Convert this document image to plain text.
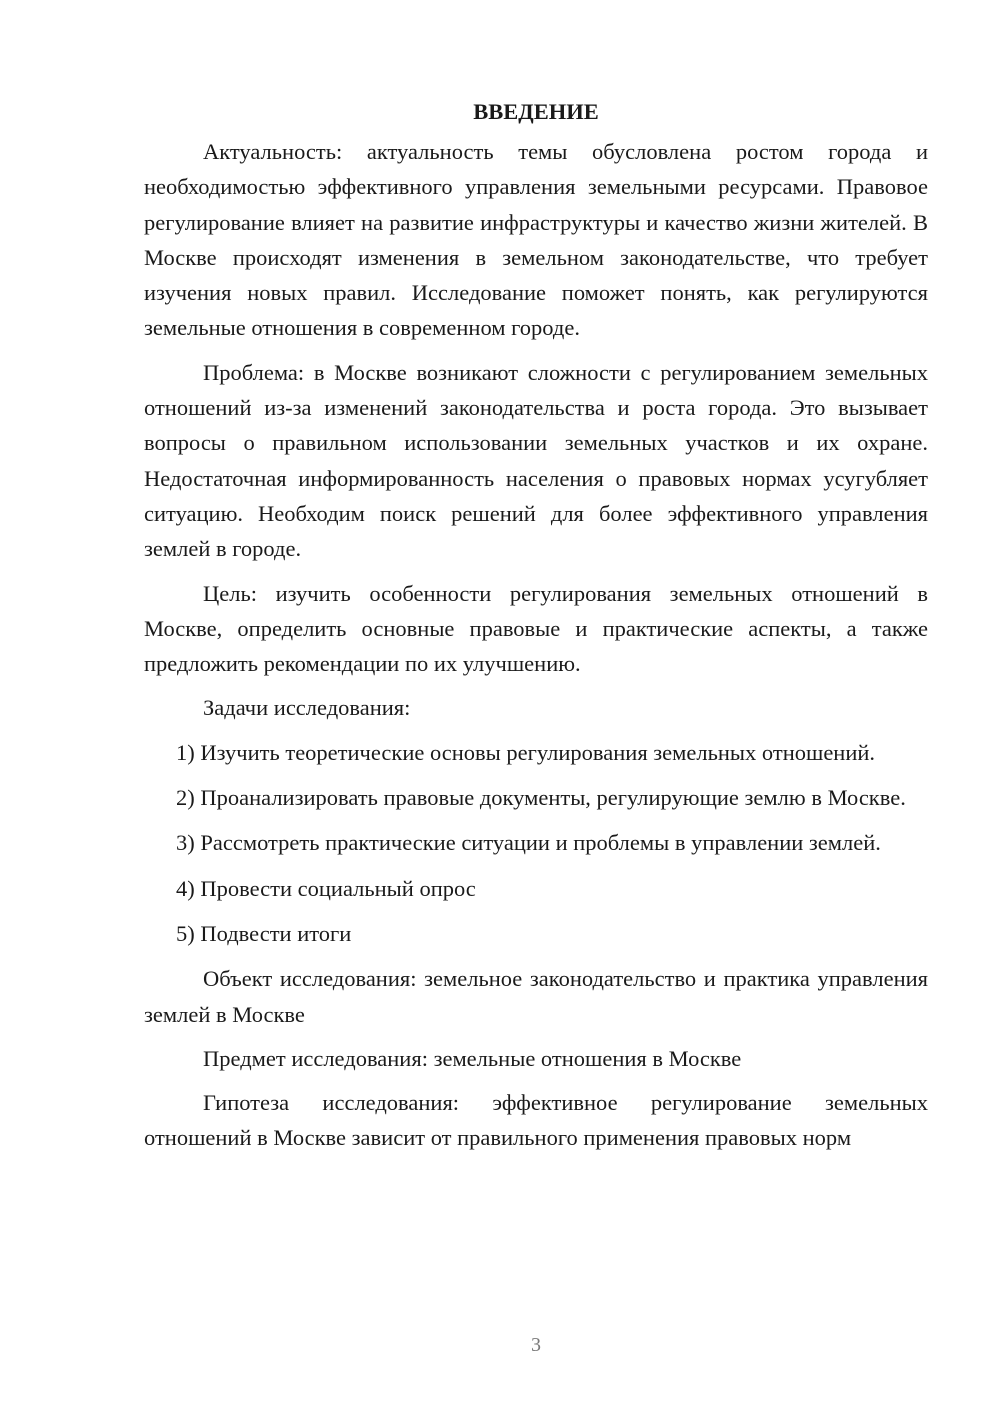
ВВЕДЕНИЕ

Актуальность: актуальность темы обусловлена ростом города и необходимостью эффективного управления земельными ресурсами. Правовое регулирование влияет на развитие инфраструктуры и качество жизни жителей. В Москве происходят изменения в земельном законодательстве, что требует изучения новых правил. Исследование поможет понять, как регулируются земельные отношения в современном городе.

Проблема: в Москве возникают сложности с регулированием земельных отношений из-за изменений законодательства и роста города. Это вызывает вопросы о правильном использовании земельных участков и их охране. Недостаточная информированность населения о правовых нормах усугубляет ситуацию. Необходим поиск решений для более эффективного управления землей в городе.

Цель: изучить особенности регулирования земельных отношений в Москве, определить основные правовые и практические аспекты, а также предложить рекомендации по их улучшению.

Задачи исследования:

1) Изучить теоретические основы регулирования земельных отношений.

2) Проанализировать правовые документы, регулирующие землю в Москве.

3) Рассмотреть практические ситуации и проблемы в управлении землей.

4) Провести социальный опрос

5) Подвести итоги

Объект исследования: земельное законодательство и практика управления землей в Москве

Предмет исследования: земельные отношения в Москве

Гипотеза исследования: эффективное регулирование земельных отношений в Москве зависит от правильного применения правовых норм

3
